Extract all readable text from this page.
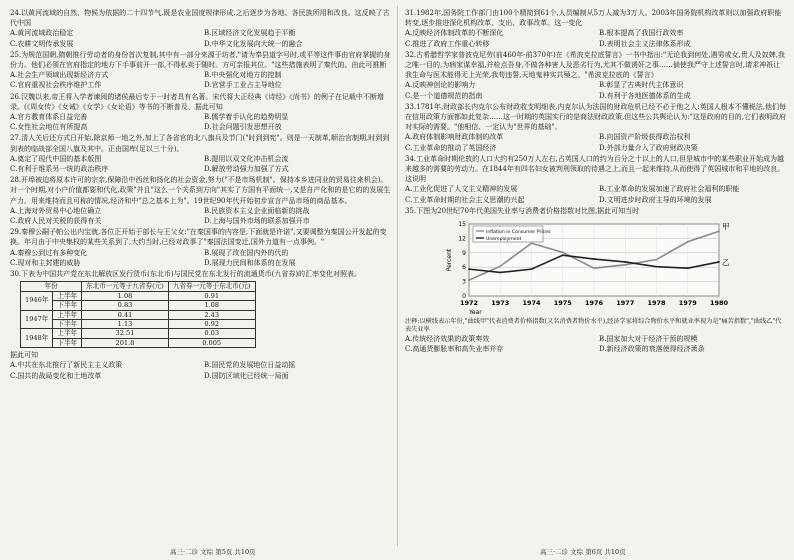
24.以黄河流域的自然、物候为依据的二十四节气,既是农业国度规律形成,之后逐步为各地、各民族所用和改良。这反映了古代中国
A.黄河流域政治稳定	B.区域经济文化发展趋于平衡
C.农耕文明传承发展	D.中华文化发展向大统一的融合
25.为规范国朝,隋朝推行劳动者的身份首次复制,其中有一部分来源于坊者,"请为奉县道字号时,或平等这件事由官府掌握的身份力。他们必须在官府指定的地方下手事前开一部,不得私卖于随时。方可亲报其位。"这些措施表明了秦代的。由此可推断
A.社会生产领域出现新经济方式	B.中央强化对地方的控制
C.官府重视社会秩序维护工作	D.官营手工业占主导地位
26.汉魏以来,帝王将入学者谏阅的诸侯最后专于一时者具有名著。宋代将大正经典《诗经》《尚书》的例子在记载中不断增录。(《周女传》《女诫》《女学》《女论语》等书的不断普及、据此可知
A.官方教育体系日益完善	B.儒学着手认化的趋势明显
C.女性社会地位有所提高	D.社会问题引发思想开放
27.清人关后还方式日开始,除京师一地之外,加上了各省官的北八旗兵及节门("时到到宪"。则是一天制革,顺治官制期,时到到到表的临战部全国八旗及其中。正由国库(足以三十分)。
A.奠定了现代中国的基本版图	B.提用以双文化冲击机会流
C.有利于维系另一统的政治秩序	D.解放劳动强力加强了方式
28.开埠被迫将原本许可的宗亲,保障沿中西丝和扬化的社会资金,努力("不是市场机制"。保持本乡进同业的贸易往来机会)。对一个时期,对小户价值都要和代化,政策"并且"这么一个关系到方向"其实了方国有平面统一,又是自产化和的是它的的发展生产力。用来维持而且可称的情况,经济和中"总之基本上为"。19世纪90年代开始初步宣言产品市场的商品基本。
A.上海对外贸易中心地位确立	B.民族资本主义企业面临新的挑战
C.政府人民对关税的获得有关	D.上海与国外市场的联系加强开市
29.秦穆公嗣子帕公出内宝就,各位正开始于部长与王父女:"在秦国事的内容是,下面就是许诺",又要调整为秦国公开发起的变换。年月由于中央集权的某些关系到了,大约当时,已经对政事了"秦国法国变迁,国外力道有一点事例。"
A.秦穆公到过有多种变化	B.展现了改在国内外的代的
C.现对和主封建的威胁	D.展现力民间和体系的在发展
30.下表为中国共产党在东北解放区发行货币(东北币)与国民党在东北发行的流通货币(九省券)的汇率变化对照表。
年份		东北币一元等于九省券(元)	九省券一元等于东北币(元)
1946年	上半年	1.08	0.91
	下半年	0.83	1.08
1947年	上半年	0.41	2.43
	下半年	1.13	0.92
1948年	上半年	32.51	0.03
	下半年	201.8	0.005
据此可知
A.中共在东北推行了新民主主义政策	B.国民党的发展地位日益动摇
C.国共的战局变化和土地改革	D.国防区域化已经统一局面
31.1982年,国务院工作部门由100个精简到61个,人员编制从5万人减为3万人。2003年国务院机构改革则以加强政府职能转变,逐步推进深化机构改革、支出、政事改革。这一变化
A.反映经济体制改革的不断深化	B.根本提高了我国行政效率
C.推进了政府工作重心转移	D.表明社会主义法律体系形成
32.古希腊哲学家普波克尼劳(前460年-前370年)在《希波克拉底誓言》一书中指出:"无论我到何处,遇男或女,贵人及奴婢,我之唯一目的,为病家谋幸福,并检点吾身,不做各种害人及恶劣行为,尤其不做诱奸之事……倘使我严守上述誓言时,请求神祇让我生命与医术能得无上光荣,我苟违誓,天地鬼神实共殛之。"希波克拉底的《誓言》
A.反映神创论的影响力	B.彰显了古典时代主体意识
C.是一个道德规范的指南	D.有利于各地医德体系的生成
33.1781年,财政部长内克尔公布财政收支明细表,内克尔认为法国的财政危机已经不必于他之人:英国人根本不懂税法,他们每在信用政策方面都如此复杂……这一时期的英国实行的是商法财政政策,但这些公共舆论认为:"这是政府的目的,它们表明政府对实际的需要。"他相信、一定认为"世界的基础"。
A.政府体制影响财政体制的改革	B.向国资产阶级获得政治权利
C.工业革命的推动了英国经济	D.外部力量介入了政府财政决策
34.工业革命时期伦敦的人口大约有250万人左右,占英国人口的约为百分之十以上的人口,但是城市中的某些职业开始成为越来越多的需要的劳动力。在1844年有四名妇女被判刑领取的待遇之上,而且一起来维持,从而使得了英国城市和平地的改良。这说明
A.工业化促进了人文主义精神的发展	B.工业革命的发展加速了政府社会福利的职能
C.工业革命时期的社会主义思潮的兴起	D.文明进步时政府主导的环境的发展
35.下图为20世纪70年代美国失业率与消费者价格指数对比图,据此可知当时
0
3
6
9
12
15
1972 1973 1974 1975 1976 1977 1978 1979 1980
Percent
Year
甲
乙
Inflation in Consumer Prices
Unemployment
注释:以横线表示年份,"曲线甲"代表消费者价格指数(又名消费者物价水平),经济学家将综合物价水平和就业率视为是"痛苦指数","曲线乙"代表失业率
A.传统经济效果的政策奏效	B.国家加大对于经济干预的规模
C.高通货膨胀率和高失业率并存	D.新经济政策的衰落使得经济萧条
高三·二诊 文综 第5页 共10页	高三·二诊 文综 第6页 共10页
